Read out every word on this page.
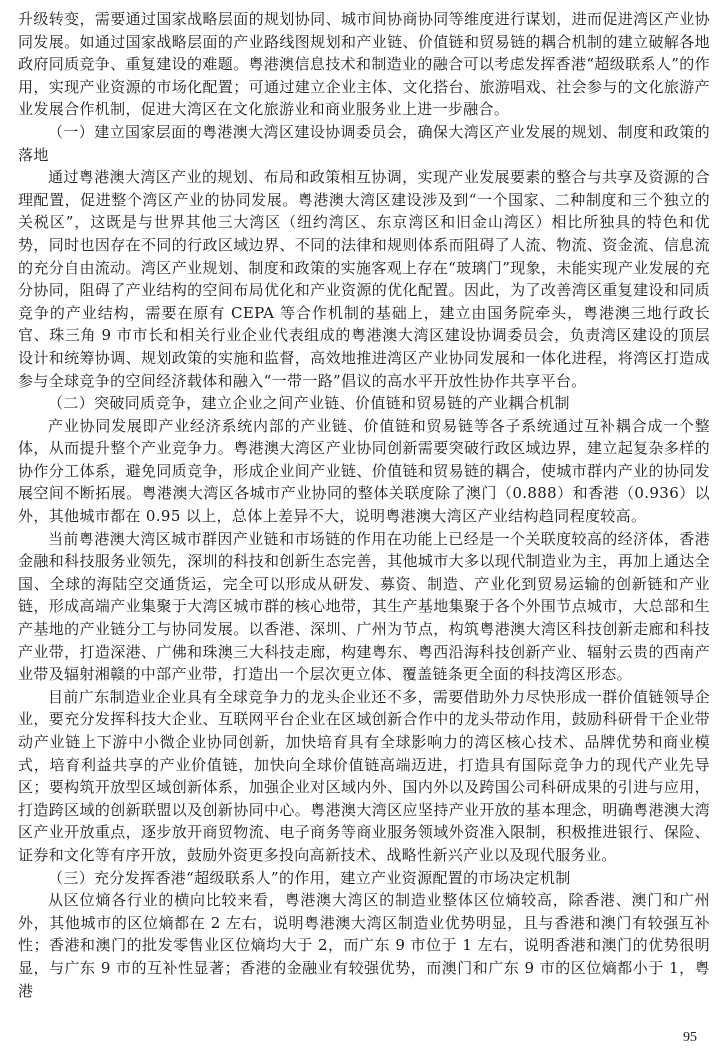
升级转变，需要通过国家战略层面的规划协同、城市间协商协同等维度进行谋划，进而促进湾区产业协同发展。如通过国家战略层面的产业路线图规划和产业链、价值链和贸易链的耦合机制的建立破解各地政府同质竞争、重复建设的难题。粤港澳信息技术和制造业的融合可以考虑发挥香港“超级联系人”的作用，实现产业资源的市场化配置；可通过建立企业主体、文化搭台、旅游唱戏、社会参与的文化旅游产业发展合作机制，促进大湾区在文化旅游业和商业服务业上进一步融合。

（一）建立国家层面的粤港澳大湾区建设协调委员会，确保大湾区产业发展的规划、制度和政策的落地

通过粤港澳大湾区产业的规划、布局和政策相互协调，实现产业发展要素的整合与共享及资源的合理配置，促进整个湾区产业的协同发展。粤港澳大湾区建设涉及到“一个国家、二种制度和三个独立的关税区”，这既是与世界其他三大湾区（纽约湾区、东京湾区和旧金山湾区）相比所独具的特色和优势，同时也因存在不同的行政区域边界、不同的法律和规则体系而阻碍了人流、物流、资金流、信息流的充分自由流动。湾区产业规划、制度和政策的实施客观上存在“玻璃门”现象，未能实现产业发展的充分协同，阻碍了产业结构的空间布局优化和产业资源的优化配置。因此，为了改善湾区重复建设和同质竞争的产业结构，需要在原有 CEPA 等合作机制的基础上，建立由国务院牵头，粤港澳三地行政长官、珠三角 9 市市长和相关行业企业代表组成的粤港澳大湾区建设协调委员会，负责湾区建设的顶层设计和统筹协调、规划政策的实施和监督，高效地推进湾区产业协同发展和一体化进程，将湾区打造成参与全球竞争的空间经济载体和融入“一带一路”倡议的高水平开放性协作共享平台。

（二）突破同质竞争，建立企业之间产业链、价值链和贸易链的产业耦合机制

产业协同发展即产业经济系统内部的产业链、价值链和贸易链等各子系统通过互补耦合成一个整体，从而提升整个产业竞争力。粤港澳大湾区产业协同创新需要突破行政区域边界，建立起复杂多样的协作分工体系，避免同质竞争，形成企业间产业链、价值链和贸易链的耦合，使城市群内产业的协同发展空间不断拓展。粤港澳大湾区各城市产业协同的整体关联度除了澳门（0.888）和香港（0.936）以外，其他城市都在 0.95 以上，总体上差异不大，说明粤港澳大湾区产业结构趋同程度较高。

当前粤港澳大湾区城市群因产业链和市场链的作用在功能上已经是一个关联度较高的经济体，香港金融和科技服务业领先，深圳的科技和创新生态完善，其他城市大多以现代制造业为主，再加上通达全国、全球的海陆空交通货运，完全可以形成从研发、募资、制造、产业化到贸易运输的创新链和产业链，形成高端产业集聚于大湾区城市群的核心地带，其生产基地集聚于各个外围节点城市，大总部和生产基地的产业链分工与协同发展。以香港、深圳、广州为节点，构筑粤港澳大湾区科技创新走廊和科技产业带，打造深港、广佛和珠澳三大科技走廊，构建粤东、粤西沿海科技创新产业、辐射云贵的西南产业带及辐射湘赣的中部产业带，打造出一个层次更立体、覆盖链条更全面的科技湾区形态。

目前广东制造业企业具有全球竞争力的龙头企业还不多，需要借助外力尽快形成一群价值链领导企业，要充分发挥科技大企业、互联网平台企业在区域创新合作中的龙头带动作用，鼓励科研骨干企业带动产业链上下游中小微企业协同创新，加快培育具有全球影响力的湾区核心技术、品牌优势和商业模式，培育利益共享的产业价值链，加快向全球价值链高端迈进，打造具有国际竞争力的现代产业先导区；要构筑开放型区域创新体系，加强企业对区域内外、国内外以及跨国公司科研成果的引进与应用，打造跨区域的创新联盟以及创新协同中心。粤港澳大湾区应坚持产业开放的基本理念，明确粤港澳大湾区产业开放重点，逐步放开商贸物流、电子商务等商业服务领域外资准入限制，积极推进银行、保险、证券和文化等有序开放，鼓励外资更多投向高新技术、战略性新兴产业以及现代服务业。

（三）充分发挥香港“超级联系人”的作用，建立产业资源配置的市场决定机制

从区位熵各行业的横向比较来看，粤港澳大湾区的制造业整体区位熵较高，除香港、澳门和广州外，其他城市的区位熵都在 2 左右，说明粤港澳大湾区制造业优势明显，且与香港和澳门有较强互补性；香港和澳门的批发零售业区位熵均大于 2，而广东 9 市位于 1 左右，说明香港和澳门的优势很明显，与广东 9 市的互补性显著；香港的金融业有较强优势，而澳门和广东 9 市的区位熵都小于 1，粤港

95
